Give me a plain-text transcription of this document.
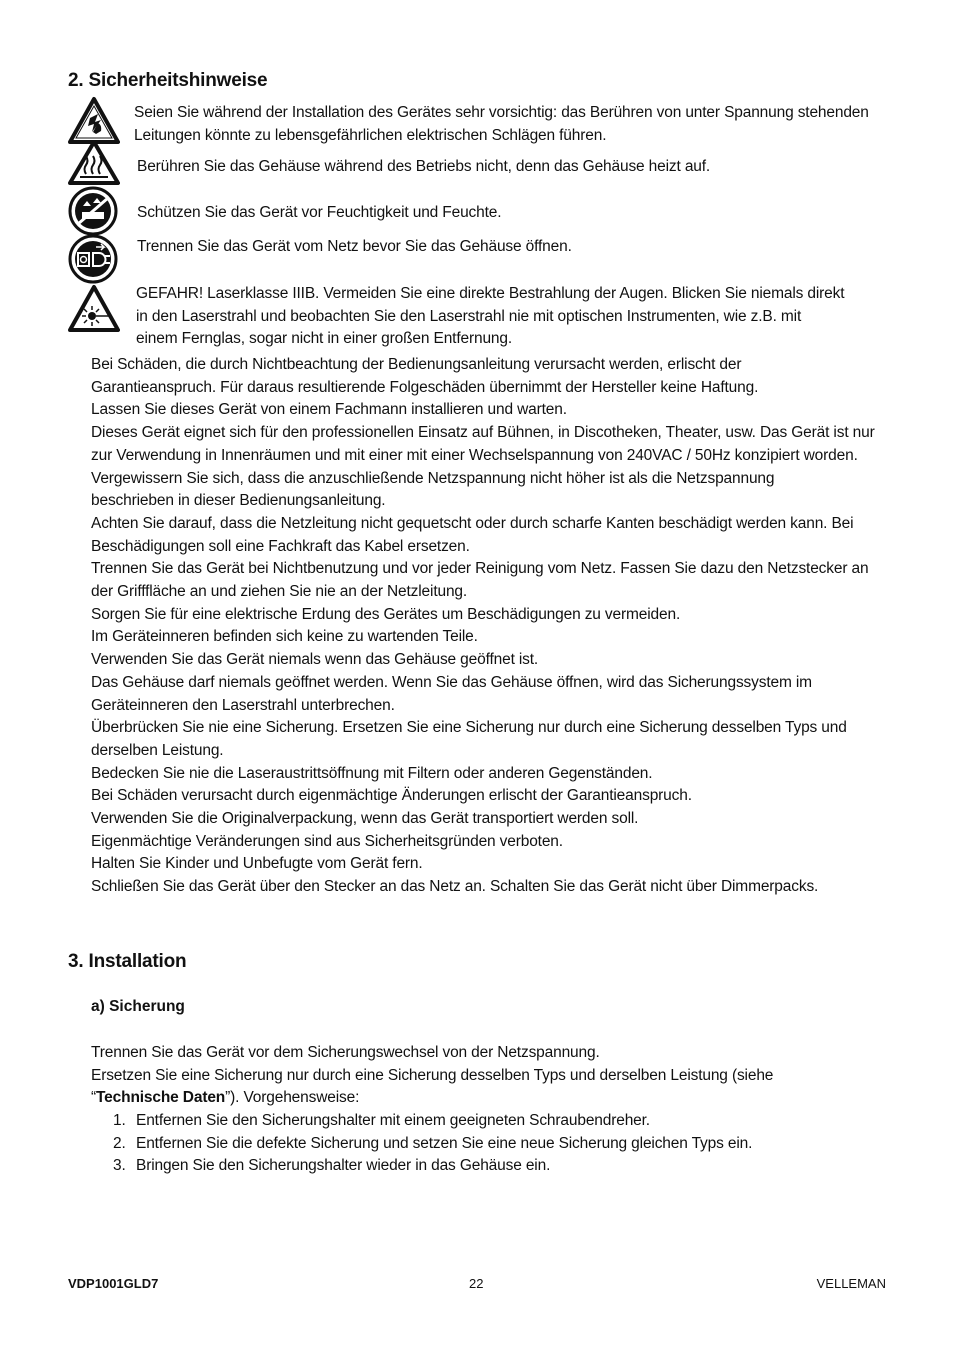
2. Sicherheitshinweise

Seien Sie während der Installation des Gerätes sehr vorsichtig: das Berühren von unter Spannung stehenden Leitungen könnte zu lebensgefährlichen elektrischen Schlägen führen.

Berühren Sie das Gehäuse während des Betriebs nicht, denn das Gehäuse heizt auf.

Schützen Sie das Gerät vor Feuchtigkeit und Feuchte.

Trennen Sie das Gerät vom Netz bevor Sie das Gehäuse öffnen.

GEFAHR! Laserklasse IIIB. Vermeiden Sie eine direkte Bestrahlung der Augen. Blicken Sie niemals direkt in den Laserstrahl und beobachten Sie den Laserstrahl nie mit optischen Instrumenten, wie z.B. mit einem Fernglas, sogar nicht in einer großen Entfernung.

Bei Schäden, die durch Nichtbeachtung der Bedienungsanleitung verursacht werden, erlischt der Garantieanspruch. Für daraus resultierende Folgeschäden übernimmt der Hersteller keine Haftung.

Lassen Sie dieses Gerät von einem Fachmann installieren und warten.

Dieses Gerät eignet sich für den professionellen Einsatz auf Bühnen, in Discotheken, Theater, usw. Das Gerät ist nur zur Verwendung in Innenräumen und mit einer mit einer Wechselspannung von 240VAC / 50Hz konzipiert worden.

Vergewissern Sie sich, dass die anzuschließende Netzspannung nicht höher ist als die Netzspannung beschrieben in dieser Bedienungsanleitung.

Achten Sie darauf, dass die Netzleitung nicht gequetscht oder durch scharfe Kanten beschädigt werden kann. Bei Beschädigungen soll eine Fachkraft das Kabel ersetzen.

Trennen Sie das Gerät bei Nichtbenutzung und vor jeder Reinigung vom Netz. Fassen Sie dazu den Netzstecker an der Grifffläche an und ziehen Sie nie an der Netzleitung.

Sorgen Sie für eine elektrische Erdung des Gerätes um Beschädigungen zu vermeiden.

Im Geräteinneren befinden sich keine zu wartenden Teile.

Verwenden Sie das Gerät niemals wenn das Gehäuse geöffnet ist.

Das Gehäuse darf niemals geöffnet werden. Wenn Sie das Gehäuse öffnen, wird das Sicherungssystem im Geräteinneren den Laserstrahl unterbrechen.

Überbrücken Sie nie eine Sicherung. Ersetzen Sie eine Sicherung nur durch eine Sicherung desselben Typs und derselben Leistung.

Bedecken Sie nie die Laseraustrittsöffnung mit Filtern oder anderen Gegenständen.

Bei Schäden verursacht durch eigenmächtige Änderungen erlischt der Garantieanspruch.

Verwenden Sie die Originalverpackung, wenn das Gerät transportiert werden soll.

Eigenmächtige Veränderungen sind aus Sicherheitsgründen verboten.

Halten Sie Kinder und Unbefugte vom Gerät fern.

Schließen Sie das Gerät über den Stecker an das Netz an. Schalten Sie das Gerät nicht über Dimmerpacks.

3. Installation
a) Sicherung

Trennen Sie das Gerät vor dem Sicherungswechsel von der Netzspannung.

Ersetzen Sie eine Sicherung nur durch eine Sicherung desselben Typs und derselben Leistung (siehe “Technische Daten”). Vorgehensweise:

1. Entfernen Sie den Sicherungshalter mit einem geeigneten Schraubendreher.
2. Entfernen Sie die defekte Sicherung und setzen Sie eine neue Sicherung gleichen Typs ein.
3. Bringen Sie den Sicherungshalter wieder in das Gehäuse ein.
VDP1001GLD7	22	VELLEMAN
